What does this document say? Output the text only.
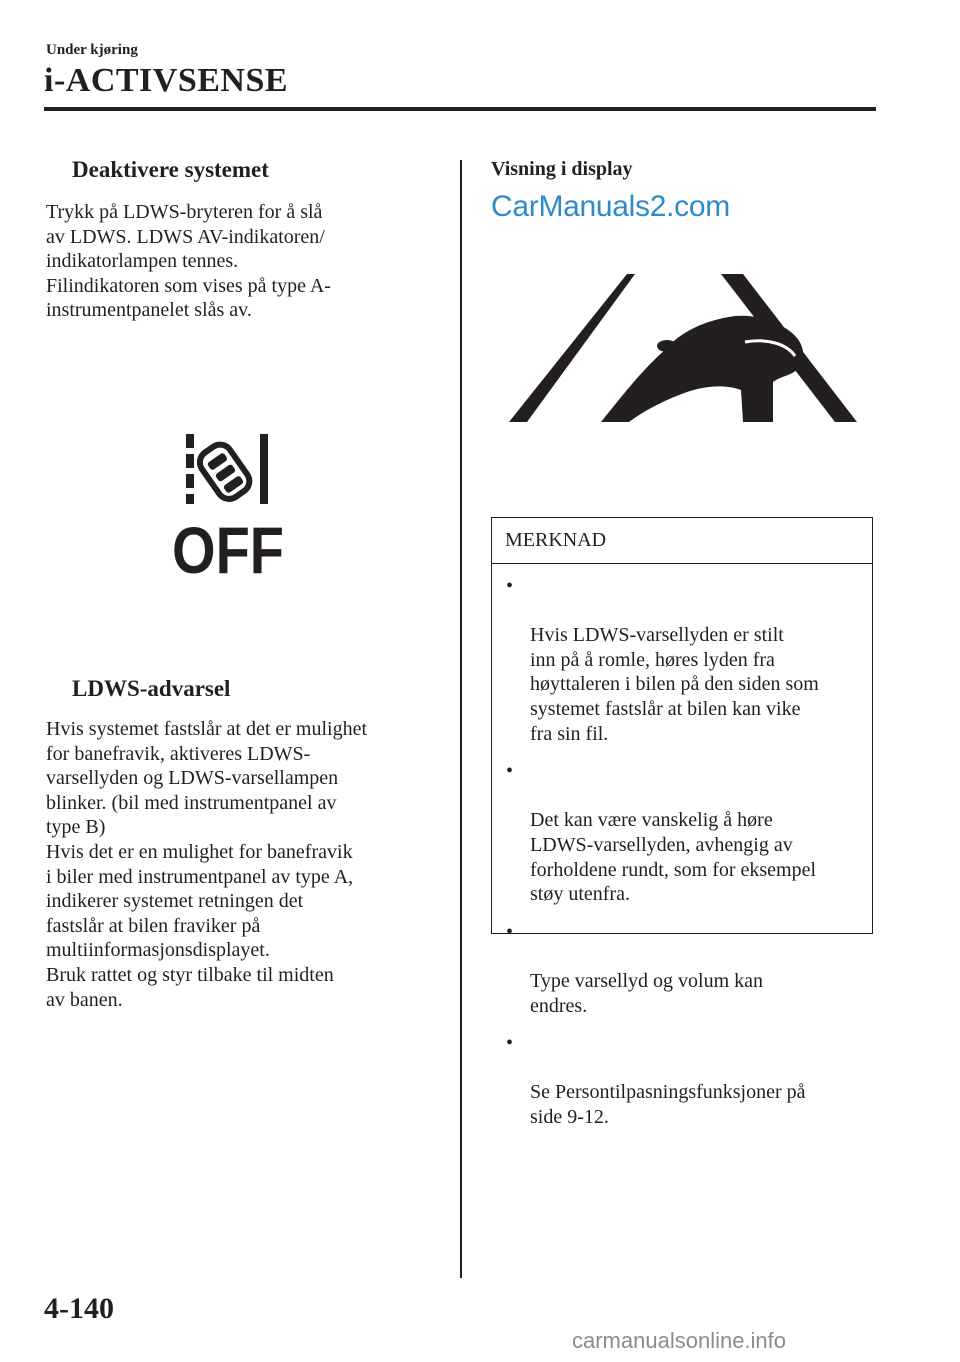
Under kjøring
i-ACTIVSENSE
Deaktivere systemet
Trykk på LDWS-bryteren for å slå
av LDWS. LDWS AV-indikatoren/
indikatorlampen tennes.
Filindikatoren som vises på type A-
instrumentpanelet slås av.
OFF
LDWS-advarsel
Hvis systemet fastslår at det er mulighet
for banefravik, aktiveres LDWS-
varsellyden og LDWS-varsellampen
blinker. (bil med instrumentpanel av
type B)
Hvis det er en mulighet for banefravik
i biler med instrumentpanel av type A,
indikerer systemet retningen det
fastslår at bilen fraviker på
multiinformasjonsdisplayet.
Bruk rattet og styr tilbake til midten
av banen.
Visning i display
CarManuals2.com
MERKNAD

•

Hvis LDWS-varsellyden er stilt
inn på å romle, høres lyden fra
høyttaleren i bilen på den siden som
systemet fastslår at bilen kan vike
fra sin fil.

•

Det kan være vanskelig å høre
LDWS-varsellyden, avhengig av
forholdene rundt, som for eksempel
støy utenfra.

•

Type varsellyd og volum kan
endres.

•

Se Persontilpasningsfunksjoner på
side 9-12.

4-140
carmanualsonline.info
